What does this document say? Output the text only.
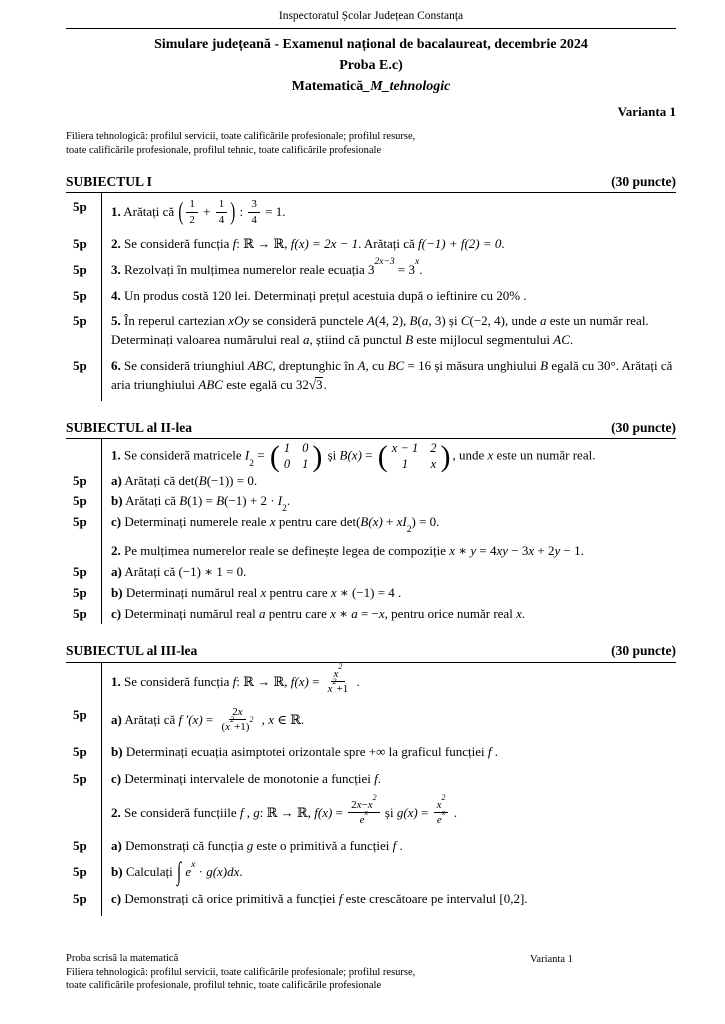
Inspectoratul Școlar Județean Constanța
Simulare județeană - Examenul național de bacalaureat, decembrie 2024
Proba E.c)
Matematică_M_tehnologic
Varianta 1
Filiera tehnologică: profilul servicii, toate calificările profesionale; profilul resurse,
toate calificările profesionale, profilul tehnic, toate calificările profesionale
SUBIECTUL I	(30 puncte)
5p	1. Arătați că ( $\frac{1}{2} + \frac{1}{4}$ ) : $\frac{3}{4} = 1$.
5p	2. Se consideră funcția f: ℝ → ℝ, f(x) = 2x − 1. Arătați că f(−1) + f(2) = 0.
5p	3. Rezolvați în mulțimea numerelor reale ecuația $3^{2x-3} = 3^x$.
5p	4. Un produs costă 120 lei. Determinați prețul acestuia după o ieftinire cu 20% .
5p	5. În reperul cartezian xOy se consideră punctele A(4, 2), B(a, 3) și C(−2, 4), unde a este un număr real. Determinați valoarea numărului real a, știind că punctul B este mijlocul segmentului AC.
5p	6. Se consideră triunghiul ABC, dreptunghic în A, cu BC = 16 și măsura unghiului B egală cu 30°. Arătați că aria triunghiului ABC este egală cu 32√3.
SUBIECTUL al II-lea	(30 puncte)
1. Se consideră matricele $I_2$ = ( 1 0
0 1 ) și B(x) = ( x − 1 2
1 x ) , unde x este un număr real.
5p	a) Arătați că det(B(−1)) = 0.
5p	b) Arătați că $B(1) = B(-1) + 2 \cdot I_2$.
5p	c) Determinați numerele reale x pentru care $\det(B(x) + xI_2) = 0$.
2. Pe mulțimea numerelor reale se definește legea de compoziție x ∗ y = 4xy − 3x + 2y − 1.
5p	a) Arătați că (−1) ∗ 1 = 0.
5p	b) Determinați numărul real x pentru care x ∗ (−1) = 4 .
5p	c) Determinați numărul real a pentru care x ∗ a = −x, pentru orice număr real x.
SUBIECTUL al III-lea	(30 puncte)
1. Se consideră funcția f: ℝ → ℝ, $f(x) = \frac{x^2}{x^2+1}$ .
5p	a) Arătați că f $'(x) = \frac{2x}{(x^2+1)^2}$ , x ∈ ℝ.
5p	b) Determinați ecuația asimptotei orizontale spre +∞ la graficul funcției f .
5p	c) Determinați intervalele de monotonie a funcției f.
2. Se consideră funcțiile f , g: ℝ → ℝ, $f(x) = \frac{2x-x^2}{e^x}$ și $g(x) = \frac{x^2}{e^x}$ .
5p	a) Demonstrați că funcția g este o primitivă a funcției f .
5p	b) Calculați ∫ $e^x \cdot g(x)dx$.
5p	c) Demonstrați că orice primitivă a funcției f este crescătoare pe intervalul [0,2].
Proba scrisă la matematică
Filiera tehnologică: profilul servicii, toate calificările profesionale; profilul resurse,
toate calificările profesionale, profilul tehnic, toate calificările profesionale
Varianta 1
